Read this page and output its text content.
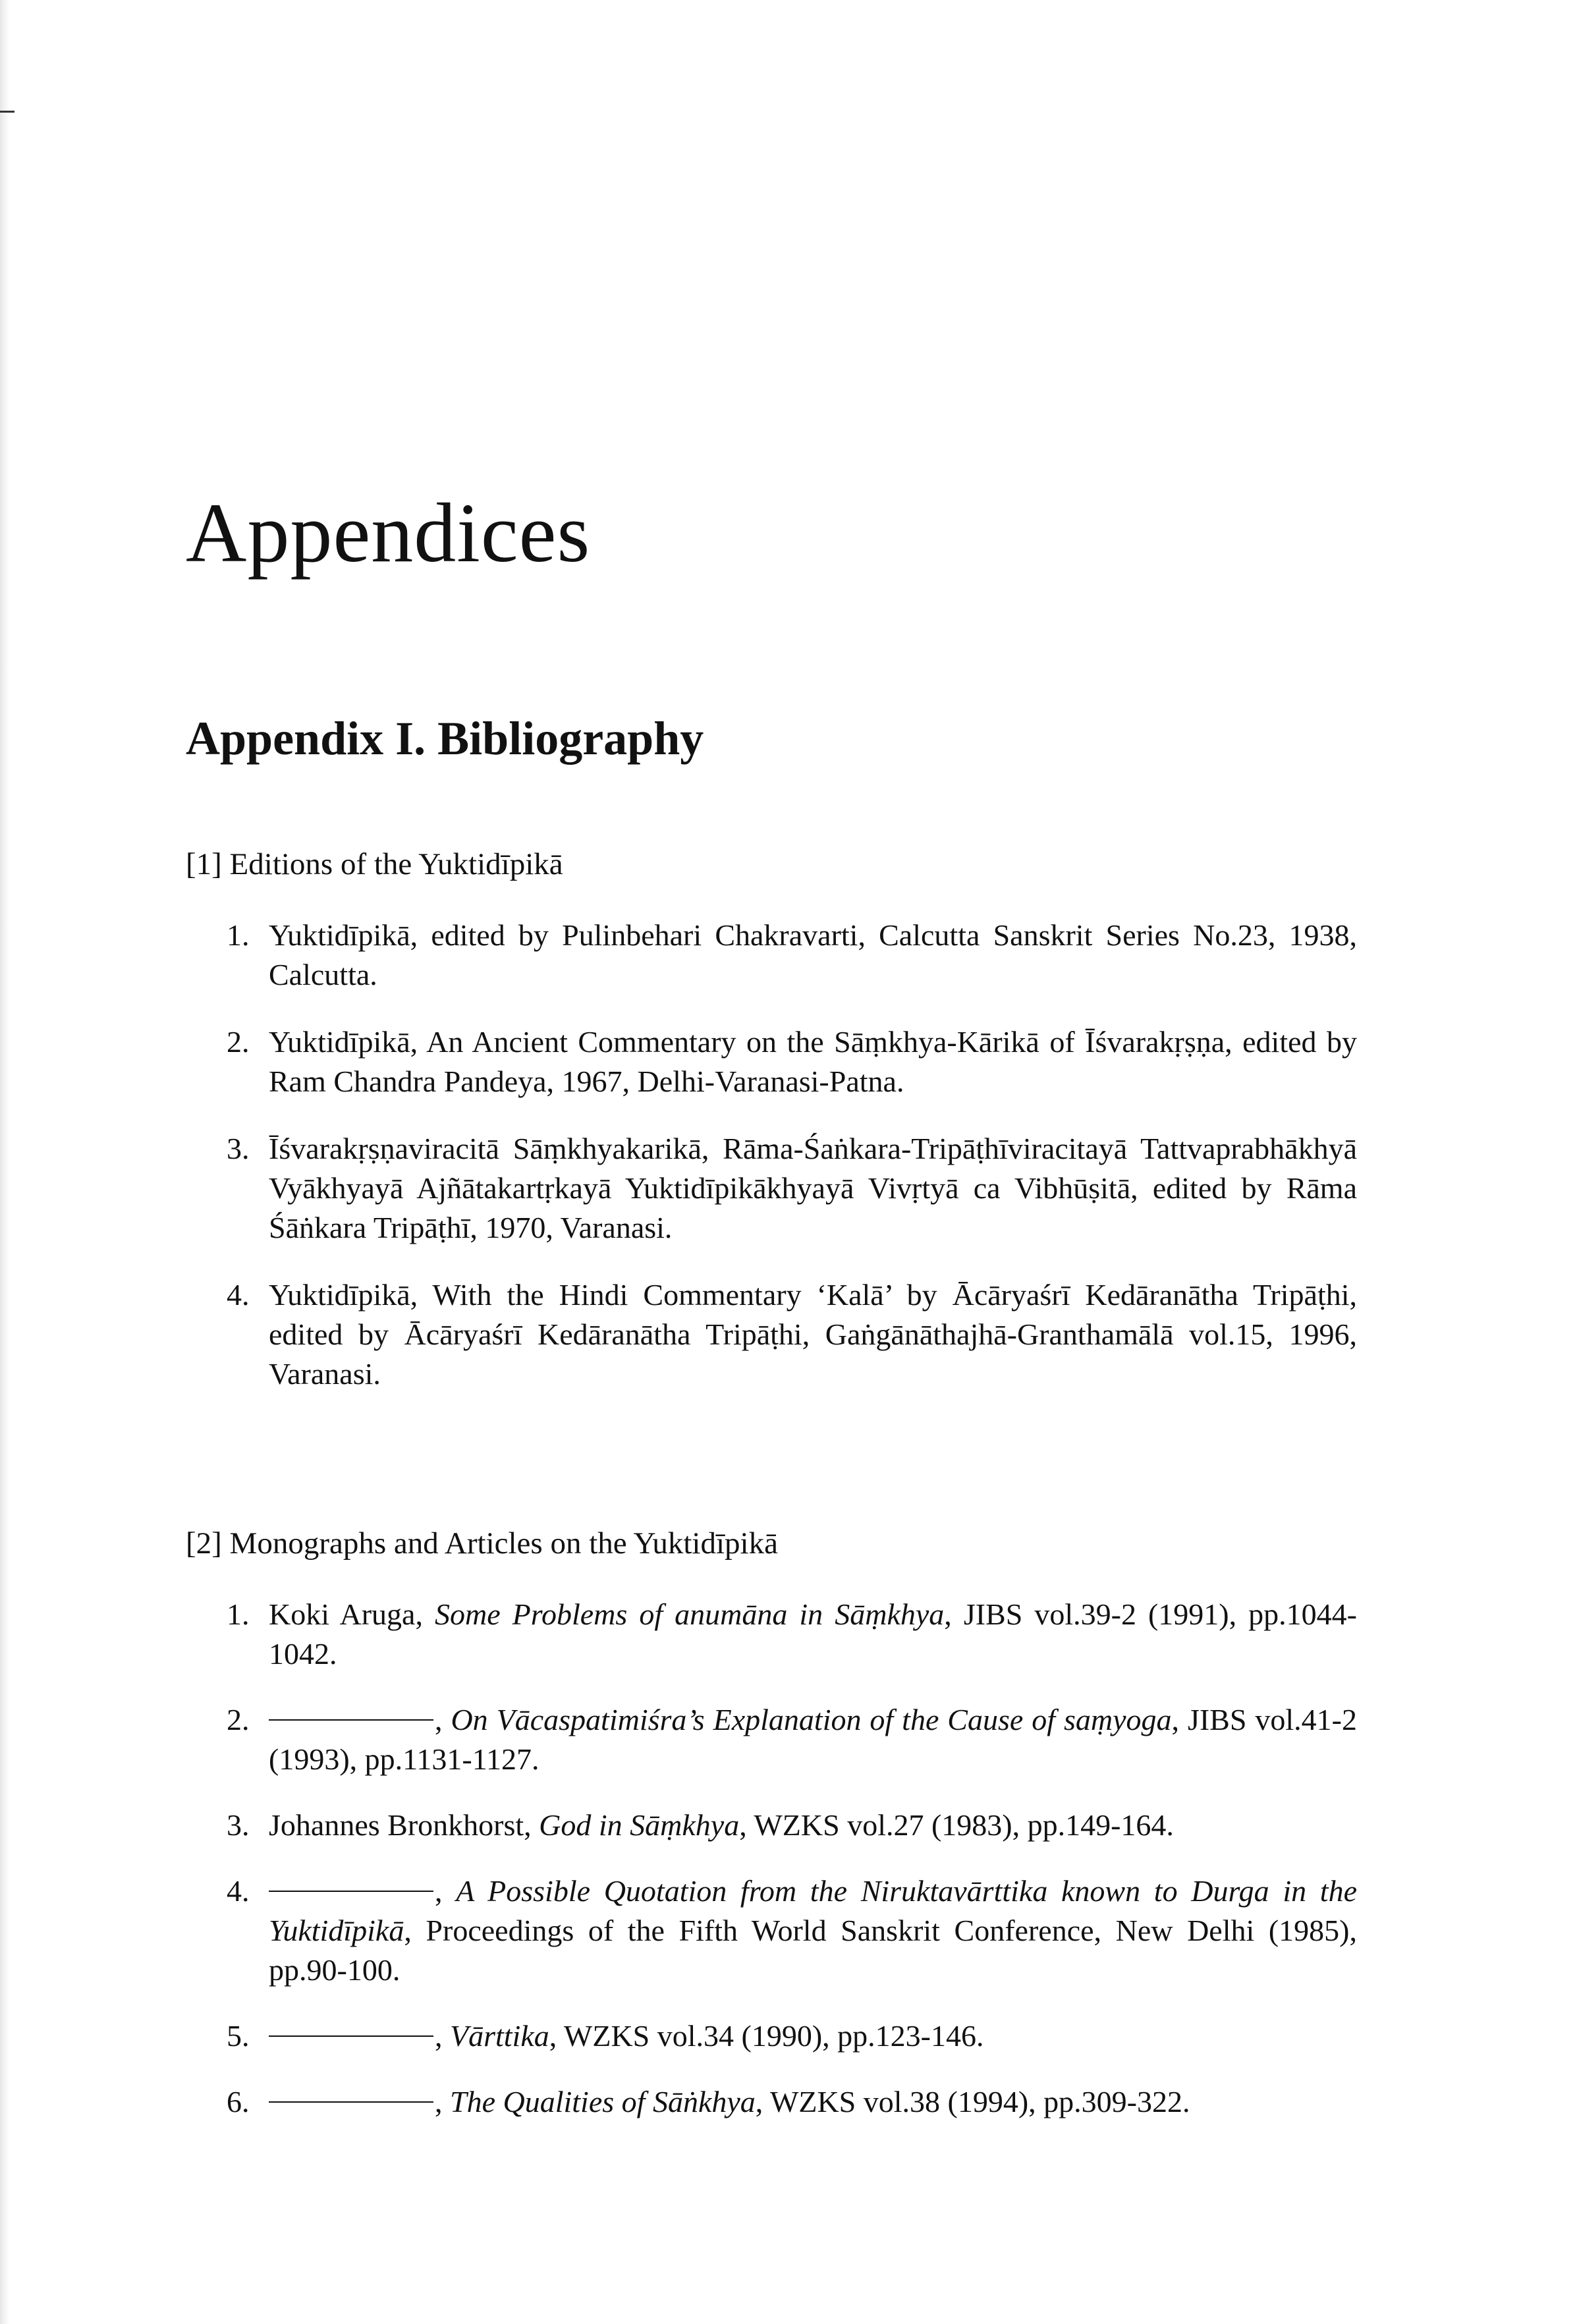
Appendices
Appendix I. Bibliography

[1] Editions of the Yuktidīpikā

1. Yuktidīpikā, edited by Pulinbehari Chakravarti, Calcutta Sanskrit Series No.23, 1938, Calcutta.
2. Yuktidīpikā, An Ancient Commentary on the Sāṃkhya-Kārikā of Īśvarakṛṣṇa, edited by Ram Chandra Pandeya, 1967, Delhi-Varanasi-Patna.
3. Īśvarakṛṣṇaviracitā Sāṃkhyakarikā, Rāma-Śaṅkara-Tripāṭhīviracitayā Tattvaprabhākhyā Vyākhyayā Ajñātakartṛkayā Yuktidīpikākhyayā Vivṛtyā ca Vibhūṣitā, edited by Rāma Śāṅkara Tripāṭhī, 1970, Varanasi.
4. Yuktidīpikā, With the Hindi Commentary ‘Kalā’ by Ācāryaśrī Kedāranātha Tripāṭhi, edited by Ācāryaśrī Kedāranātha Tripāṭhi, Gaṅgānāthajhā-Granthamālā vol.15, 1996, Varanasi.

[2] Monographs and Articles on the Yuktidīpikā

1. Koki Aruga, Some Problems of anumāna in Sāṃkhya, JIBS vol.39-2 (1991), pp.1044-1042.
2.	, On Vācaspatimiśra’s Explanation of the Cause of saṃyoga, JIBS vol.41-2 (1993), pp.1131-1127.
3. Johannes Bronkhorst, God in Sāṃkhya, WZKS vol.27 (1983), pp.149-164.
4.	, A Possible Quotation from the Niruktavārttika known to Durga in the Yuktidīpikā, Proceedings of the Fifth World Sanskrit Conference, New Delhi (1985), pp.90-100.
5.	, Vārttika, WZKS vol.34 (1990), pp.123-146.
6.	, The Qualities of Sāṅkhya, WZKS vol.38 (1994), pp.309-322.
